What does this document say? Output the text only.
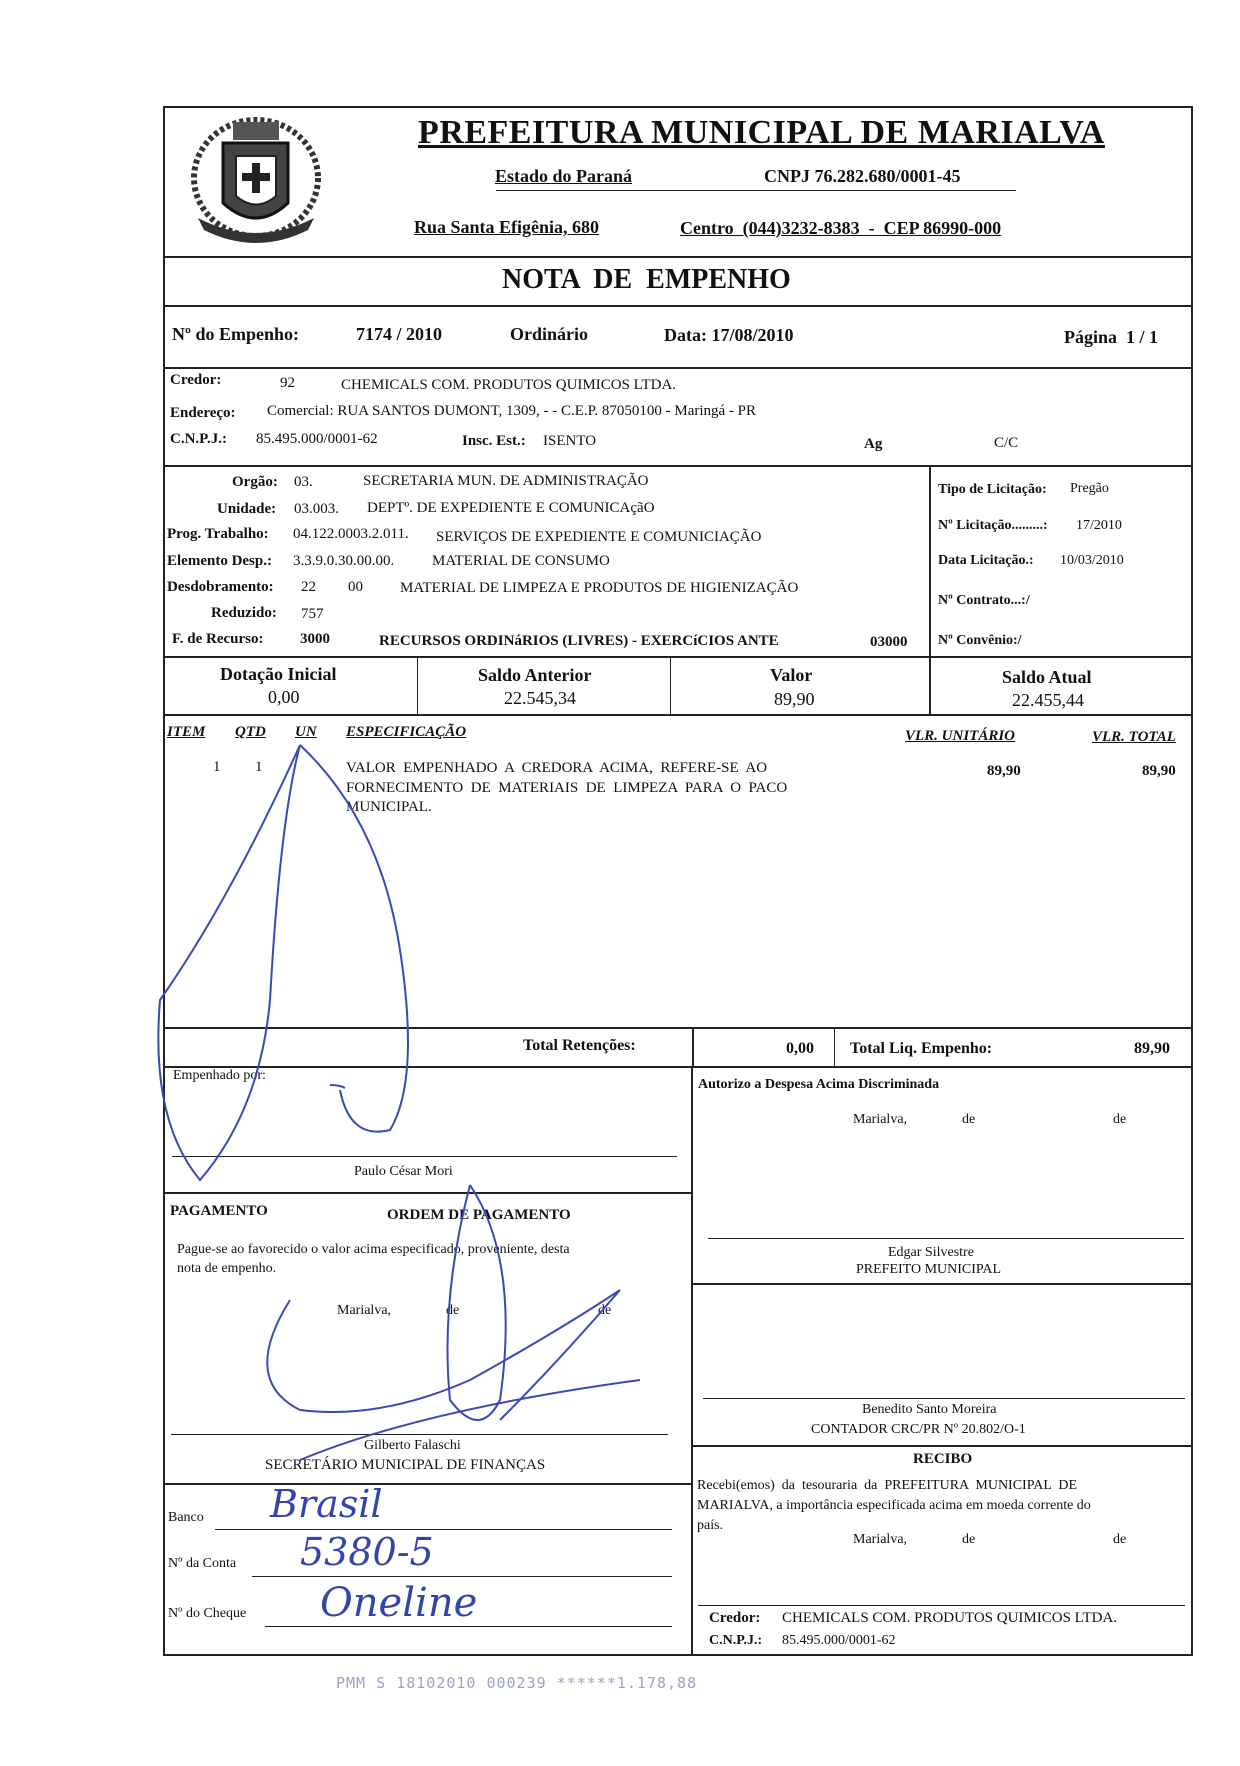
PREFEITURA MUNICIPAL DE MARIALVA
Estado do Paraná	CNPJ 76.282.680/0001-45
Rua Santa Efigênia, 680	Centro  (044)3232-8383  -  CEP 86990-000
NOTA  DE  EMPENHO
Nº do Empenho:	7174 / 2010	Ordinário	Data: 17/08/2010	Página  1 / 1
Credor:	92	CHEMICALS COM. PRODUTOS QUIMICOS LTDA.
Endereço: Comercial: RUA SANTOS DUMONT, 1309, - - C.E.P. 87050100 - Maringá - PR
C.N.P.J.: 85.495.000/0001-62	Insc. Est.: ISENTO	Ag	C/C
Orgão: 03.	SECRETARIA MUN. DE ADMINISTRAÇÃO
Unidade: 03.003. DEPTº. DE EXPEDIENTE E COMUNICAçãO
Prog. Trabalho: 04.122.0003.2.011. SERVIÇOS DE EXPEDIENTE E COMUNICIAÇÃO
Elemento Desp.: 3.3.9.0.30.00.00.	MATERIAL DE CONSUMO
Desdobramento: 22 00 MATERIAL DE LIMPEZA E PRODUTOS DE HIGIENIZAÇÃO
Reduzido: 757
F. de Recurso: 3000	RECURSOS ORDINáRIOS (LIVRES) - EXERCíCIOS ANTE	03000
Tipo de Licitação: Pregão
Nº Licitação.........: 17/2010
Data Licitação.: 10/03/2010
Nº Contrato...:/
Nº Convênio:/
Dotação Inicial
0,00
Saldo Anterior
22.545,34
Valor
89,90
Saldo Atual
22.455,44
ITEM QTD UN ESPECIFICAÇÃO	VLR. UNITÁRIO	VLR. TOTAL
1 1	VALOR  EMPENHADO  A  CREDORA  ACIMA,  REFERE-SE  AO
FORNECIMENTO  DE  MATERIAIS  DE  LIMPEZA  PARA  O  PACO
MUNICIPAL.
89,90	89,90
Total Retenções:	0,00 Total Liq. Empenho:	89,90
Empenhado por:
Paulo César Mori
Autorizo a Despesa Acima Discriminada
Marialva,	de	de
Edgar Silvestre
PREFEITO MUNICIPAL
PAGAMENTO	ORDEM DE PAGAMENTO
Pague-se ao favorecido o valor acima especificado, proveniente, desta
nota de empenho.
Marialva,	de	de
Gilberto Falaschi
SECRETÁRIO MUNICIPAL DE FINANÇAS
Banco Brasil
Nº da Conta 5380-5
Nº do Cheque Oneline
Benedito Santo Moreira
CONTADOR CRC/PR Nº 20.802/O-1
RECIBO
Recebi(emos)  da  tesouraria  da  PREFEITURA  MUNICIPAL  DE
MARIALVA, a importância especificada acima em moeda corrente do
país.
Marialva,	de	de
Credor: CHEMICALS COM. PRODUTOS QUIMICOS LTDA.
C.N.P.J.: 85.495.000/0001-62
PMM S 18102010 000239 ******1.178,88
